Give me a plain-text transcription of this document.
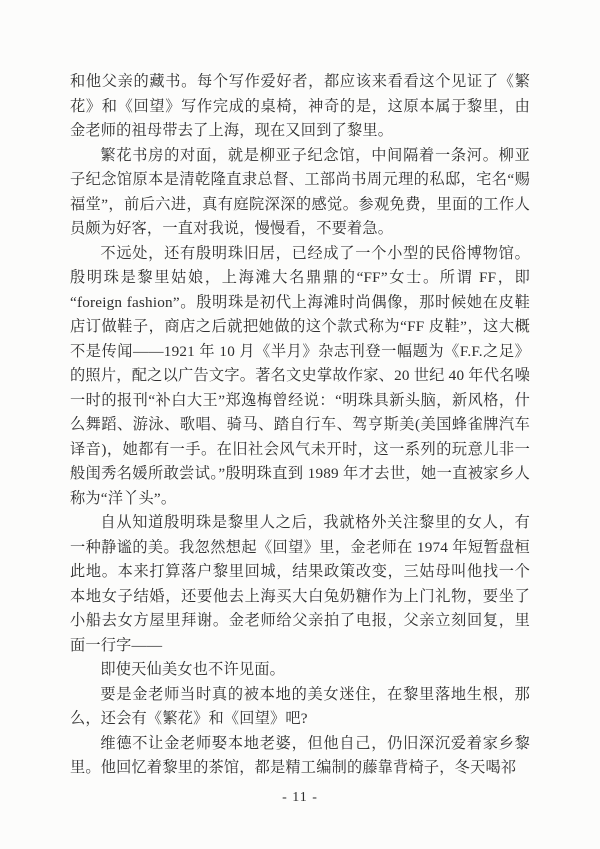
和他父亲的藏书。每个写作爱好者，都应该来看看这个见证了《繁花》和《回望》写作完成的桌椅，神奇的是，这原本属于黎里，由金老师的祖母带去了上海，现在又回到了黎里。

繁花书房的对面，就是柳亚子纪念馆，中间隔着一条河。柳亚子纪念馆原本是清乾隆直隶总督、工部尚书周元理的私邸，宅名“赐福堂”，前后六进，真有庭院深深的感觉。参观免费，里面的工作人员颇为好客，一直对我说，慢慢看，不要着急。

不远处，还有殷明珠旧居，已经成了一个小型的民俗博物馆。殷明珠是黎里姑娘，上海滩大名鼎鼎的“FF”女士。所谓 FF，即“foreign fashion”。殷明珠是初代上海滩时尚偶像，那时候她在皮鞋店订做鞋子，商店之后就把她做的这个款式称为“FF 皮鞋”，这大概不是传闻——1921 年 10 月《半月》杂志刊登一幅题为《F.F.之足》的照片，配之以广告文字。著名文史掌故作家、20 世纪 40 年代名噪一时的报刊“补白大王”郑逸梅曾经说：“明珠具新头脑，新风格，什么舞蹈、游泳、歌唱、骑马、踏自行车、驾亨斯美(美国蜂雀牌汽车译音)，她都有一手。在旧社会风气未开时，这一系列的玩意儿非一般闺秀名媛所敢尝试。”殷明珠直到 1989 年才去世，她一直被家乡人称为“洋丫头”。

自从知道殷明珠是黎里人之后，我就格外关注黎里的女人，有一种静谧的美。我忽然想起《回望》里，金老师在 1974 年短暂盘桓此地。本来打算落户黎里回城，结果政策改变，三姑母叫他找一个本地女子结婚，还要他去上海买大白兔奶糖作为上门礼物，要坐了小船去女方屋里拜谢。金老师给父亲拍了电报，父亲立刻回复，里面一行字——

即使天仙美女也不许见面。

要是金老师当时真的被本地的美女迷住，在黎里落地生根，那么，还会有《繁花》和《回望》吧?

维德不让金老师娶本地老婆，但他自己，仍旧深沉爱着家乡黎里。他回忆着黎里的茶馆，都是精工编制的藤靠背椅子，冬天喝祁

- 11 -
